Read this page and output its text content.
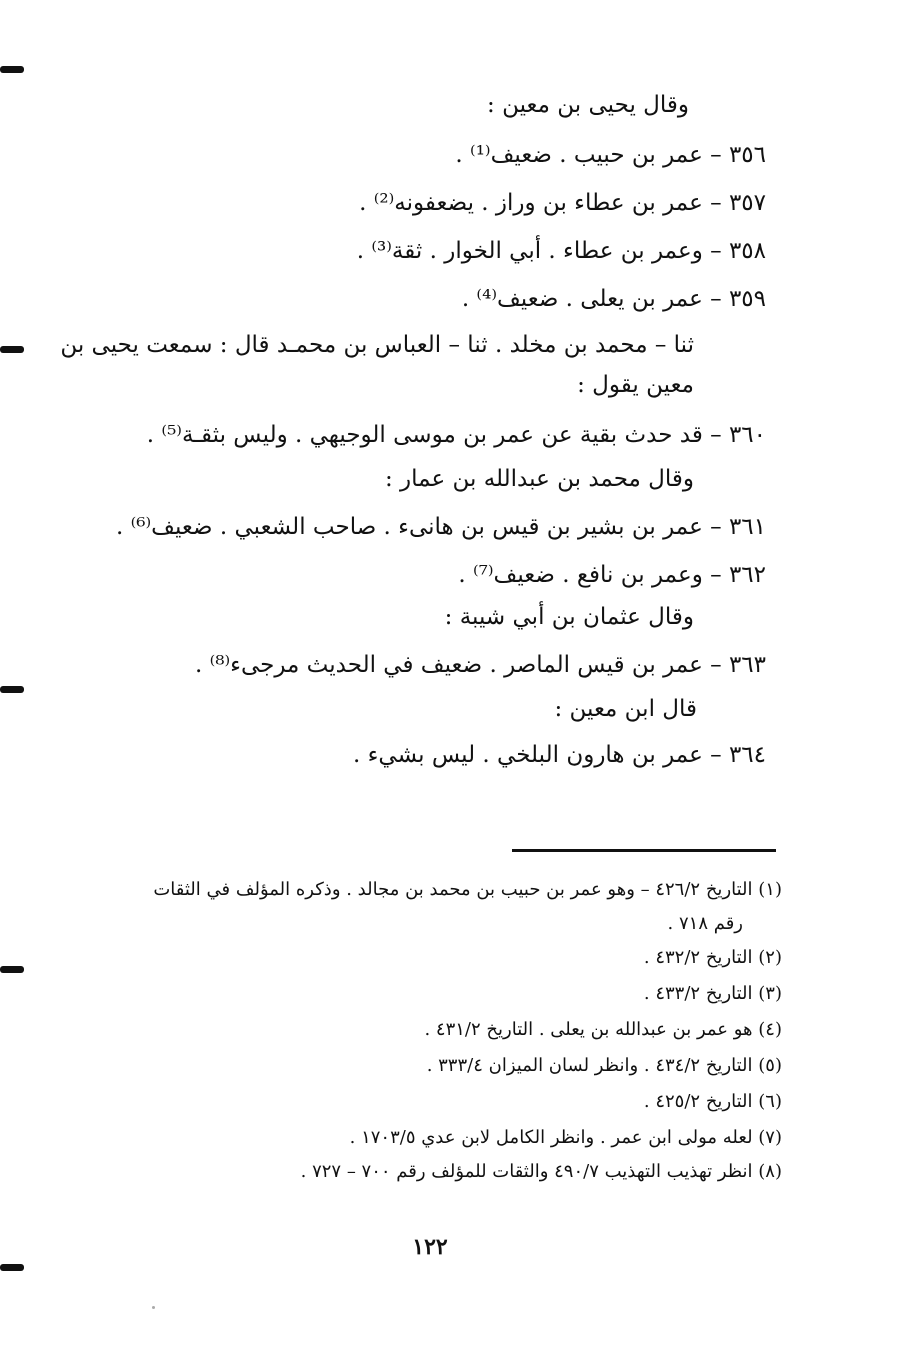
وقال يحيى بن معين :
٣٥٦ – عمر بن حبيب . ضعيف⁽¹⁾ .
٣٥٧ – عمر بن عطاء بن وراز . يضعفونه⁽²⁾ .
٣٥٨ – وعمر بن عطاء . أبي الخوار . ثقة⁽³⁾ .
٣٥٩ – عمر بن يعلى . ضعيف⁽⁴⁾ .
ثنا – محمد بن مخلد . ثنا – العباس بن محمـد قال : سمعت يحيى بن
معين يقول :
٣٦٠ – قد حدث بقية عن عمر بن موسى الوجيهي . وليس بثقـة⁽⁵⁾ .
وقال محمد بن عبدالله بن عمار :
٣٦١ – عمر بن بشير بن قيس بن هانىء . صاحب الشعبي . ضعيف⁽⁶⁾ .
٣٦٢ – وعمر بن نافع . ضعيف⁽⁷⁾ .
وقال عثمان بن أبي شيبة :
٣٦٣ – عمر بن قيس الماصر . ضعيف في الحديث مرجىء⁽⁸⁾ .
قال ابن معين :
٣٦٤ – عمر بن هارون البلخي . ليس بشيء .
(١) التاريخ ٤٢٦/٢ – وهو عمر بن حبيب بن محمد بن مجالد . وذكره المؤلف في الثقات
رقم ٧١٨ .
(٢) التاريخ ٤٣٢/٢ .
(٣) التاريخ ٤٣٣/٢ .
(٤) هو عمر بن عبدالله بن يعلى . التاريخ ٤٣١/٢ .
(٥) التاريخ ٤٣٤/٢ . وانظر لسان الميزان ٣٣٣/٤ .
(٦) التاريخ ٤٢٥/٢ .
(٧) لعله مولى ابن عمر . وانظر الكامل لابن عدي ١٧٠٣/٥ .
(٨) انظر تهذيب التهذيب ٤٩٠/٧ والثقات للمؤلف رقم ٧٠٠ – ٧٢٧ .
١٢٢
